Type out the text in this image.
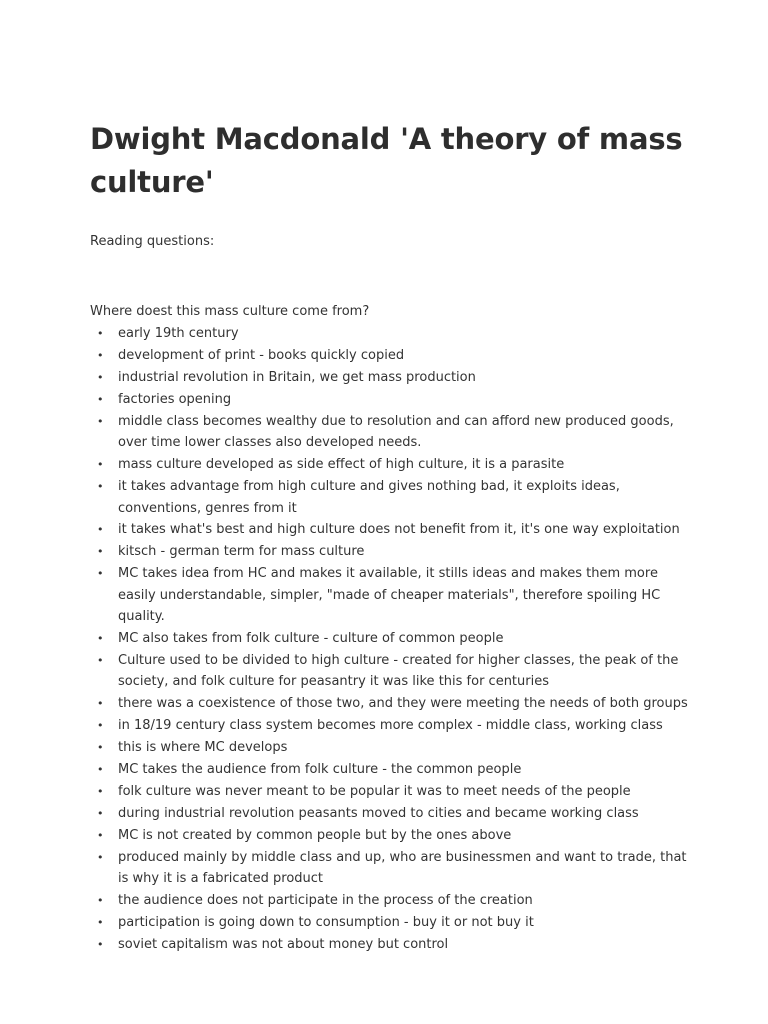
Dwight Macdonald 'A theory of mass culture'
Reading questions:
Where doest this mass culture come from?
• early 19th century
• development of print - books quickly copied
• industrial revolution in Britain, we get mass production
• factories opening
• middle class becomes wealthy due to resolution and can afford new produced goods, over time lower classes also developed needs.
• mass culture developed as side effect of high culture, it is a parasite
• it takes advantage from high culture and gives nothing bad, it exploits ideas, conventions, genres from it
• it takes what's best and high culture does not benefit from it, it's one way exploitation
• kitsch - german term for mass culture
• MC takes idea from HC and makes it available, it stills ideas and makes them more easily understandable, simpler, "made of cheaper materials", therefore spoiling HC quality.
• MC also takes from folk culture - culture of common people
• Culture used to be divided to high culture - created for higher classes, the peak of the society, and folk culture for peasantry it was like this for centuries
• there was a coexistence of those two, and they were meeting the needs of both groups
• in 18/19 century class system becomes more complex - middle class, working class
• this is where MC develops
• MC takes the audience from folk culture - the common people
• folk culture was never meant to be popular it was to meet needs of the people
• during industrial revolution peasants moved to cities and became working class
• MC is not created by common people but by the ones above
• produced mainly by middle class and up, who are businessmen and want to trade, that is why it is a fabricated product
• the audience does not participate in the process of the creation
• participation is going down to consumption - buy it or not buy it
• soviet capitalism was not about money but control
